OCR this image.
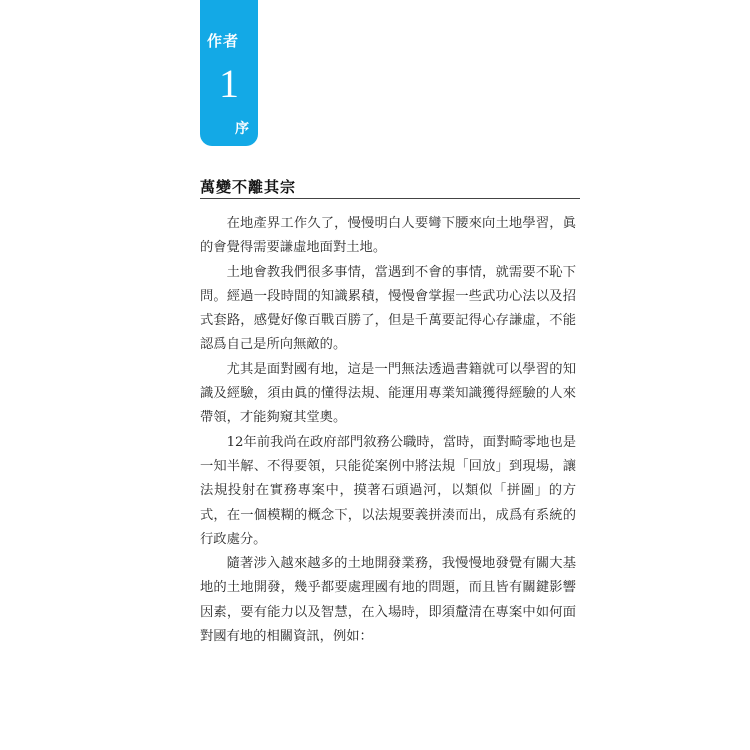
作者
1
序
萬變不離其宗

在地產界工作久了，慢慢明白人要彎下腰來向土地學習，眞的會覺得需要謙虛地面對土地。

土地會教我們很多事情，當遇到不會的事情，就需要不恥下問。經過一段時間的知識累積，慢慢會掌握一些武功心法以及招式套路，感覺好像百戰百勝了，但是千萬要記得心存謙虛，不能認爲自己是所向無敵的。

尤其是面對國有地，這是一門無法透過書籍就可以學習的知識及經驗，須由眞的懂得法規、能運用專業知識獲得經驗的人來帶領，才能夠窺其堂奧。

12年前我尚在政府部門敘務公職時，當時，面對畸零地也是一知半解、不得要領，只能從案例中將法規「回放」到現場，讓法規投射在實務專案中，摸著石頭過河，以類似「拼圖」的方式，在一個模糊的概念下，以法規要義拼湊而出，成爲有系統的行政處分。

隨著涉入越來越多的土地開發業務，我慢慢地發覺有關大基地的土地開發，幾乎都要處理國有地的問題，而且皆有關鍵影響因素，要有能力以及智慧，在入場時，即須釐清在專案中如何面對國有地的相關資訊，例如：
